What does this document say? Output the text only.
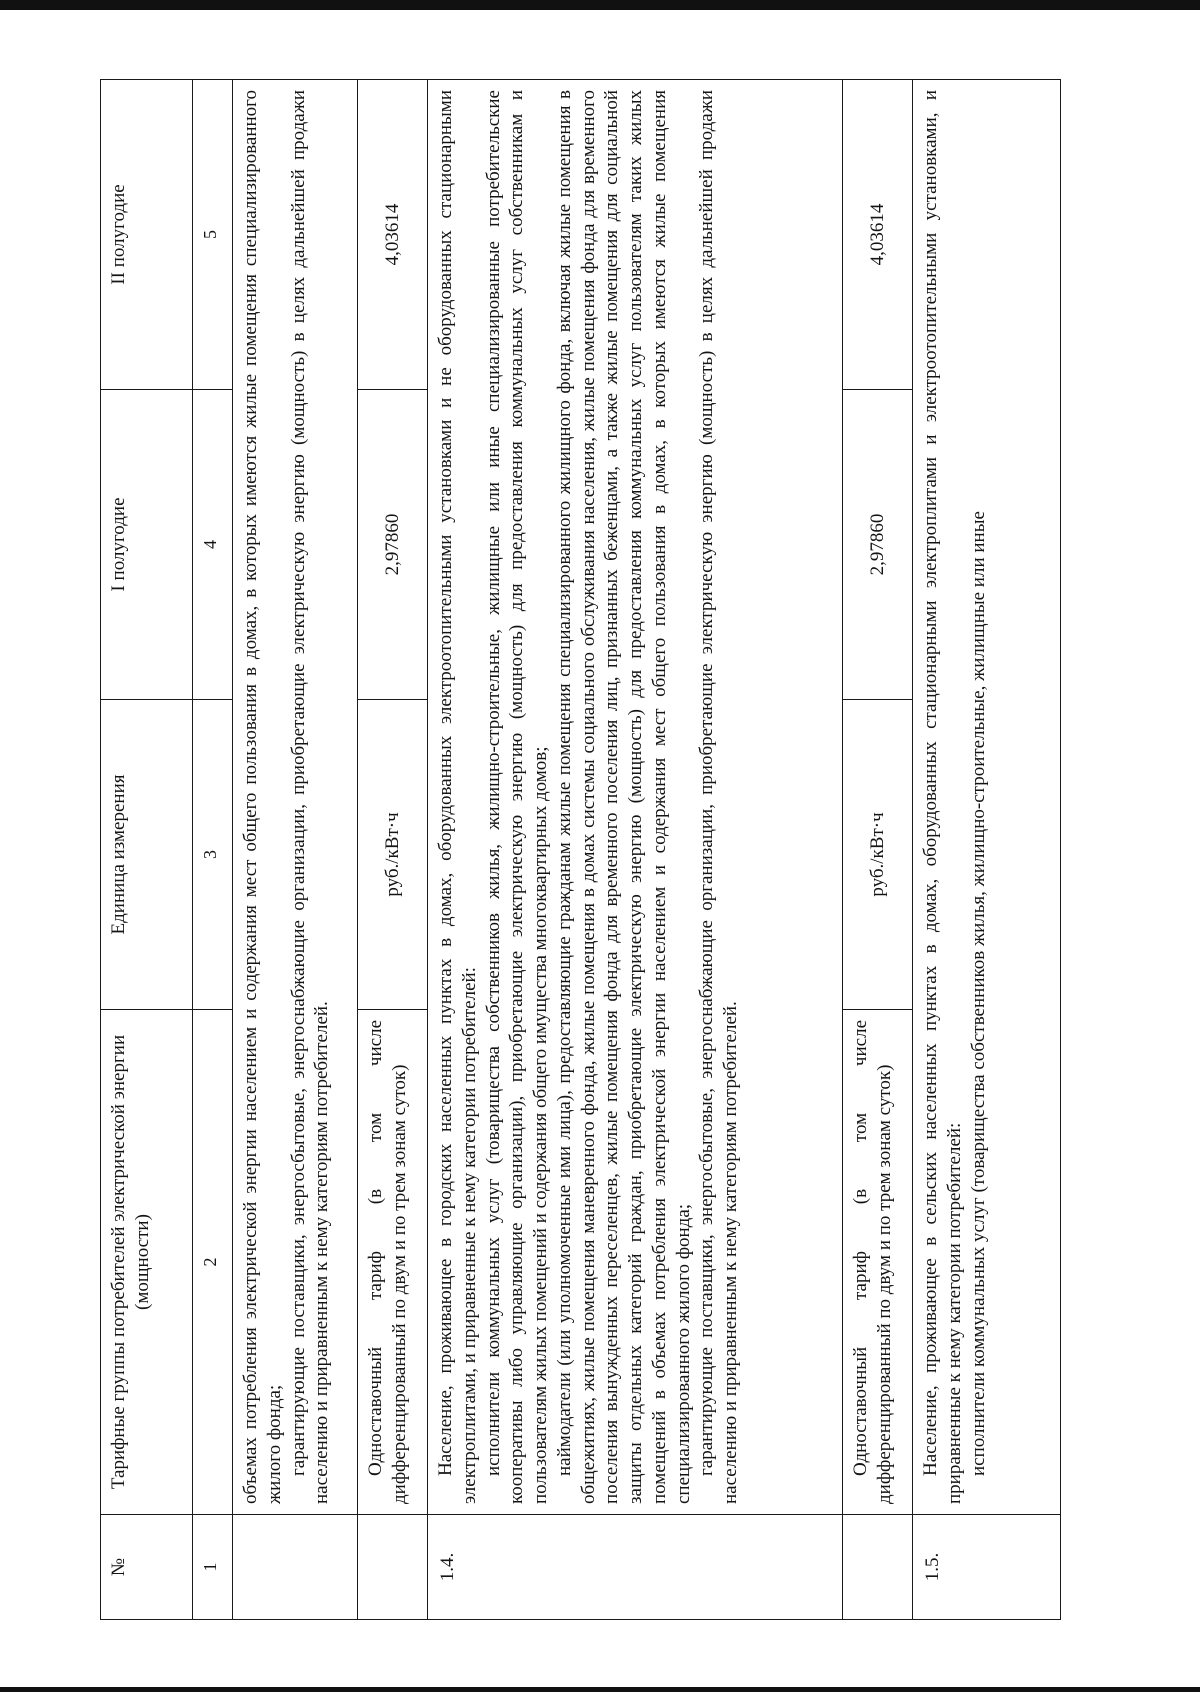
№	Тарифные группы потребителей электрической энергии (мощности)	Единица измерения	I полугодие	II полугодие
1	2	3	4	5

	объемах потребления электрической энергии населением и содержания мест общего пользования в домах, в которых имеются жилые помещения специализированного жилого фонда; гарантирующие поставщики, энергосбытовые, энергоснабжающие организации, приобретающие электрическую энергию (мощность) в целях дальнейшей продажи населению и приравненным к нему категориям потребителей.			

	Одноставочный тариф (в том числе дифференцированный по двум и по трем зонам суток)	руб./кВт·ч	2,97860	4,03614
1.4.	Население, проживающее в городских населенных пунктах в домах, оборудованных электроотопительными установками и не оборудованных стационарными электроплитами, и приравненные к нему категории потребителей: исполнители коммунальных услуг (товарищества собственников жилья, жилищно-строительные, жилищные или иные специализированные потребительские кооперативы либо управляющие организации), приобретающие электрическую энергию (мощность) для предоставления коммунальных услуг собственникам и пользователям жилых помещений и содержания общего имущества многоквартирных домов; наймодатели (или уполномоченные ими лица), предоставляющие гражданам жилые помещения специализированного жилищного фонда, включая жилые помещения в общежитиях, жилые помещения маневренного фонда, жилые помещения в домах системы социального обслуживания населения, жилые помещения фонда для временного поселения вынужденных переселенцев, жилые помещения фонда для временного поселения лиц, признанных беженцами, а также жилые помещения для социальной защиты отдельных категорий граждан, приобретающие электрическую энергию (мощность) для предоставления коммунальных услуг пользователям таких жилых помещений в объемах потребления электрической энергии населением и содержания мест общего пользования в домах, в которых имеются жилые помещения специализированного жилого фонда; гарантирующие поставщики, энергосбытовые, энергоснабжающие организации, приобретающие электрическую энергию (мощность) в целях дальнейшей продажи населению и приравненным к нему категориям потребителей.			

	Одноставочный тариф (в том числе дифференцированный по двум и по трем зонам суток)	руб./кВт·ч	2,97860	4,03614
1.5.	Население, проживающее в сельских населенных пунктах в домах, оборудованных стационарными электроплитами и электроотопительными установками, и приравненные к нему категории потребителей: исполнители коммунальных услуг (товарищества собственников жилья, жилищно-строительные, жилищные или иные			
